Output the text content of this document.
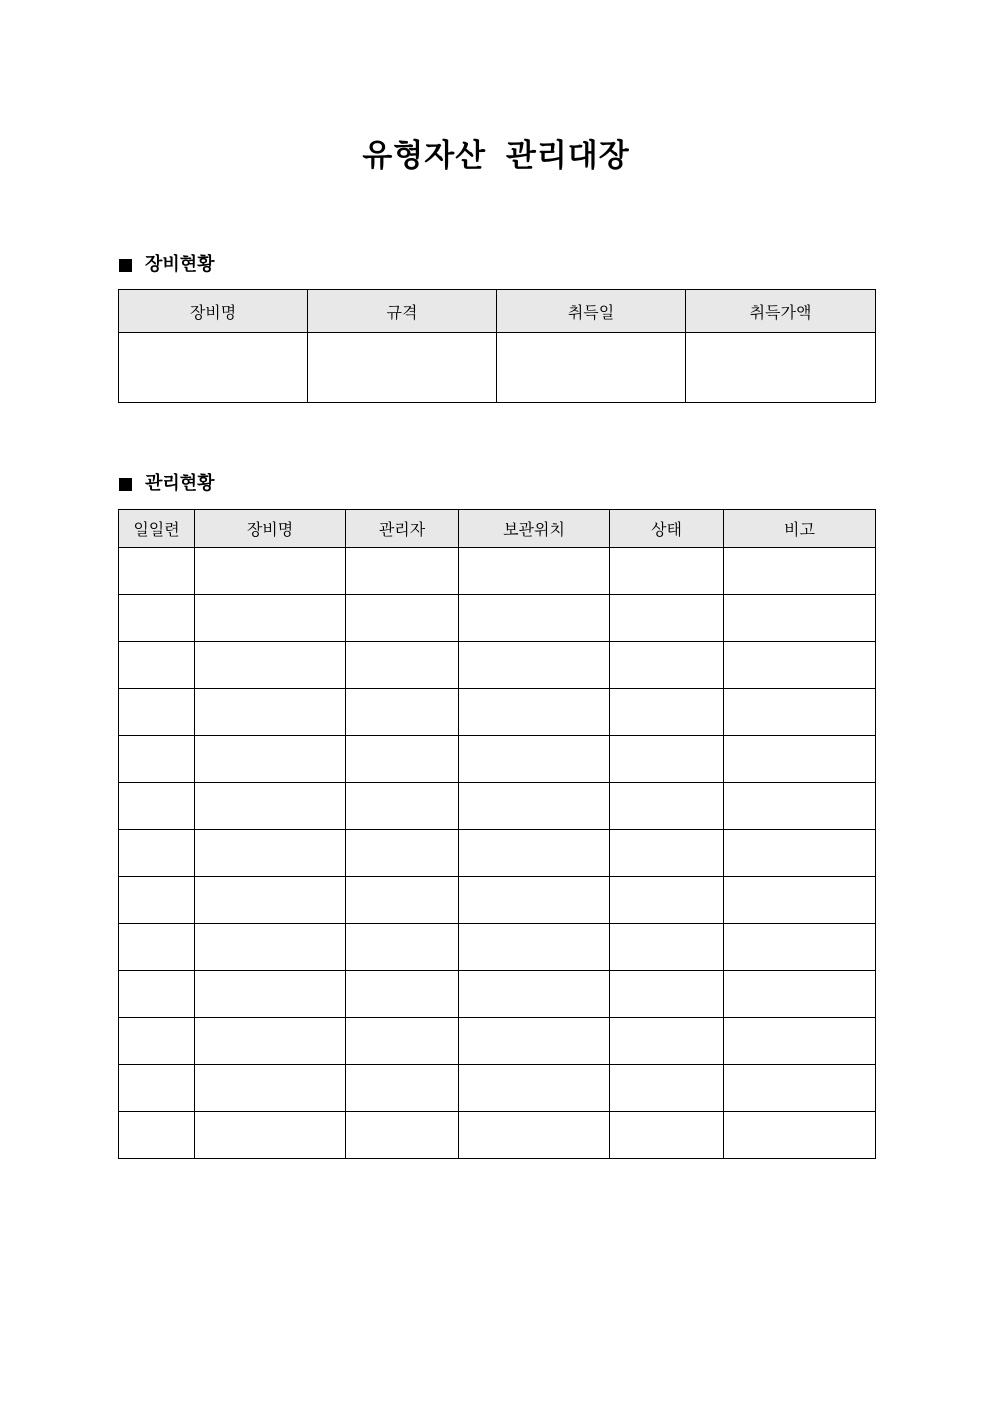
유형자산 관리대장
장비현황
장비명	규격	취득일	취득가액

관리현황
일일련	장비명	관리자	보관위치	상태	비고
